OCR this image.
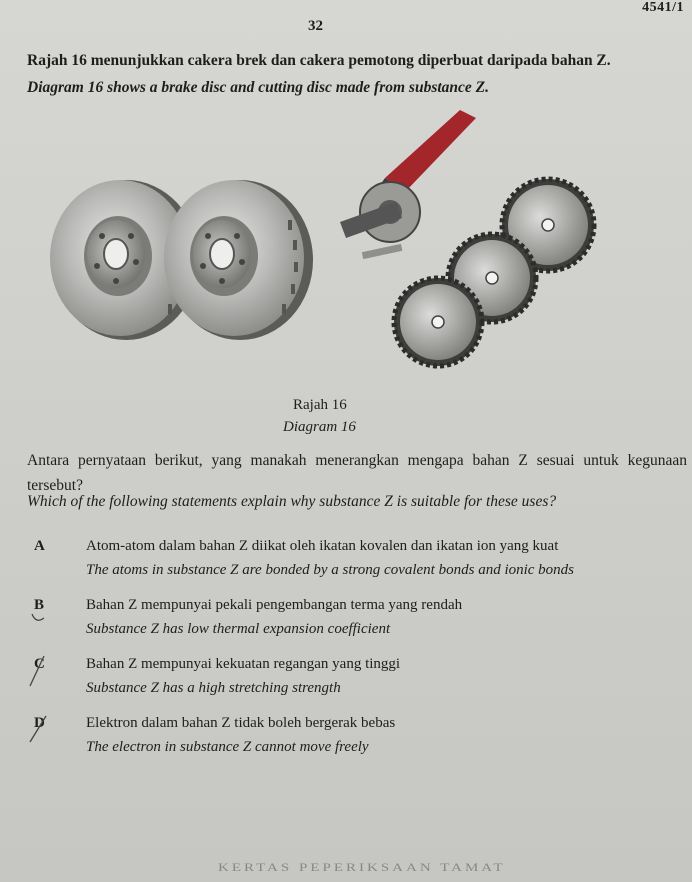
4541/1
32
Rajah 16 menunjukkan cakera brek dan cakera pemotong diperbuat daripada bahan Z.
Diagram 16 shows a brake disc and cutting disc made from substance Z.
Rajah 16
Diagram 16
Antara pernyataan berikut, yang manakah menerangkan mengapa bahan Z sesuai untuk kegunaan tersebut?
Which of the following statements explain why substance Z is suitable for these uses?
A	Atom-atom dalam bahan Z diikat oleh ikatan kovalen dan ikatan ion yang kuat
The atoms in substance Z are bonded by a strong covalent bonds and ionic bonds
B	Bahan Z mempunyai pekali pengembangan terma yang rendah
Substance Z has low thermal expansion coefficient
C	Bahan Z mempunyai kekuatan regangan yang tinggi
Substance Z has a high stretching strength
D	Elektron dalam bahan Z tidak boleh bergerak bebas
The electron in substance Z cannot move freely
KERTAS PEPERIKSAAN TAMAT
